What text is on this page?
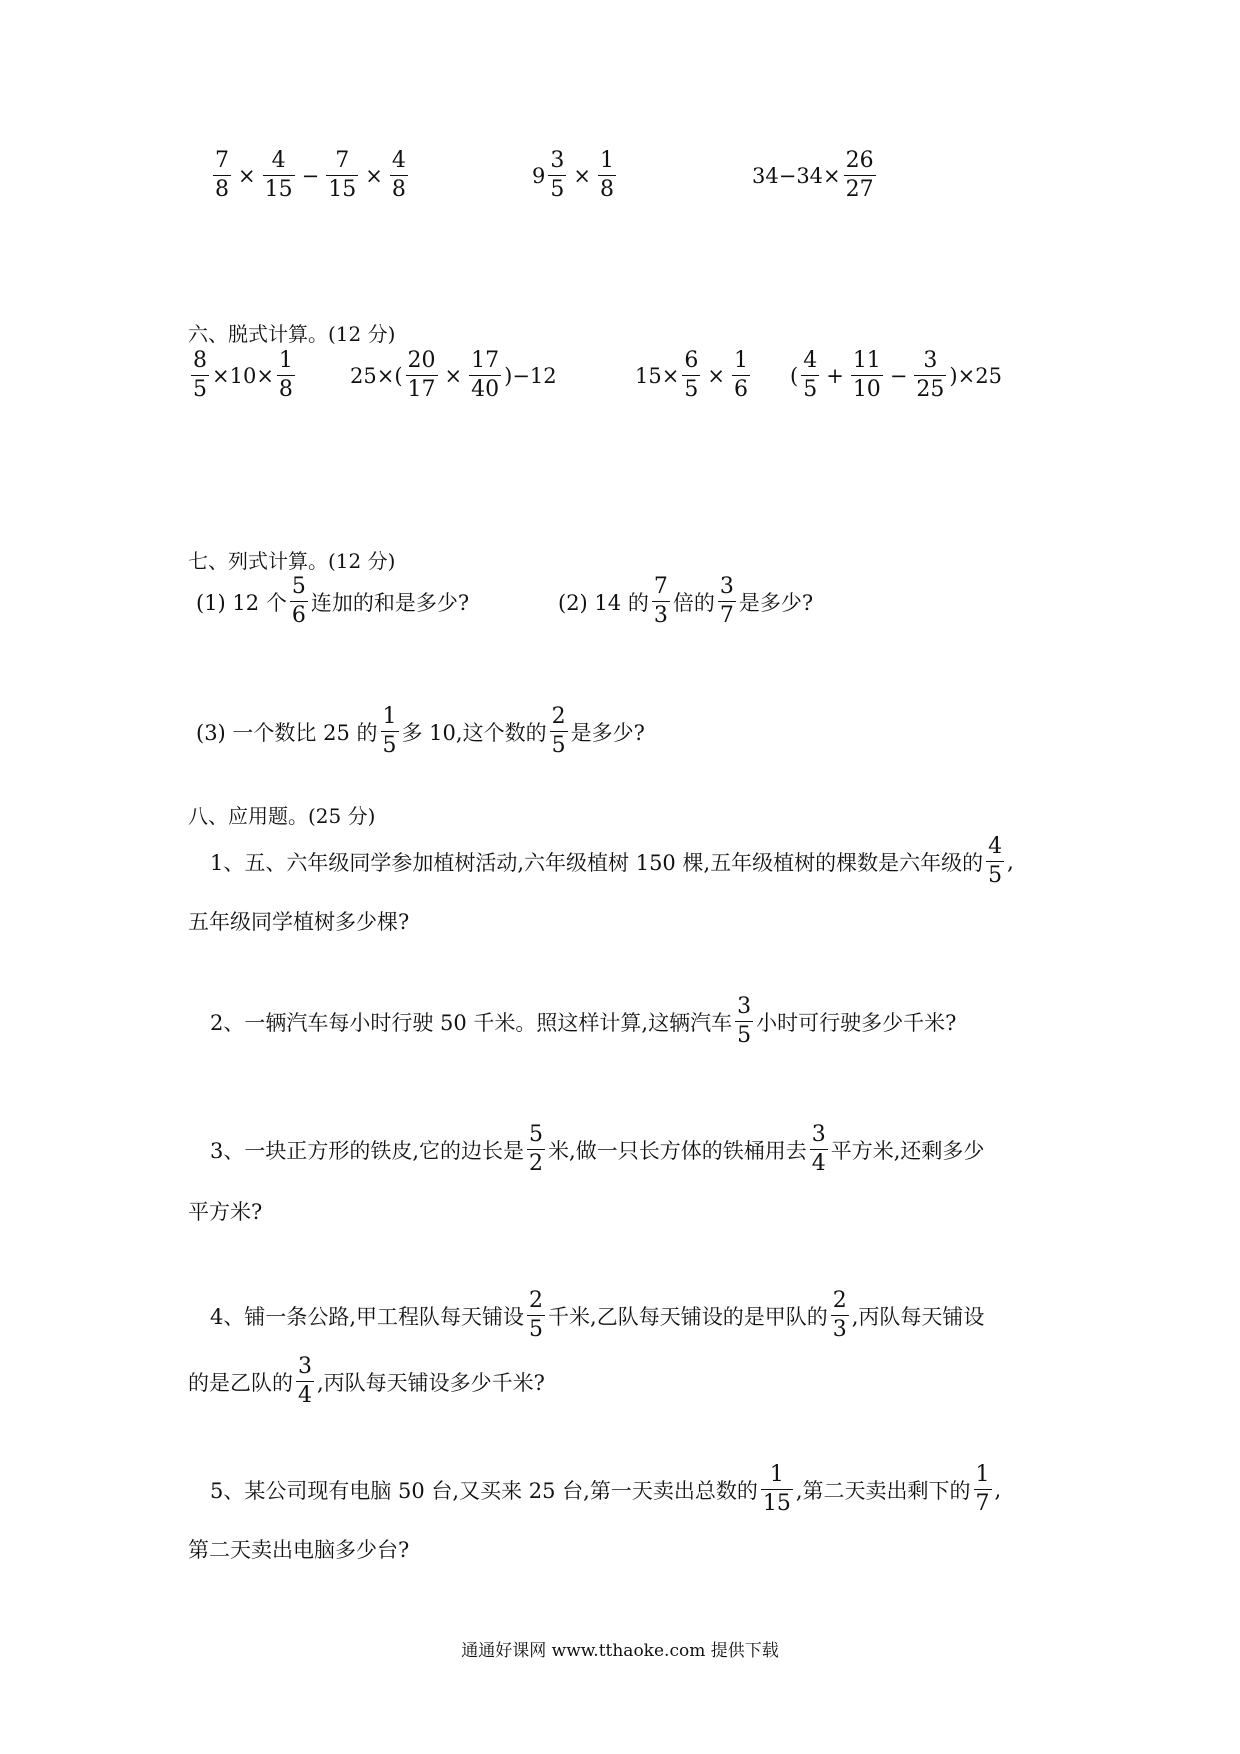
$\frac{7}{8} \times \frac{4}{15} - \frac{7}{15} \times \frac{4}{8}$	$9 \frac{3}{5} \times \frac{1}{8}$	$34-34\times \frac{26}{27}$
六、脱式计算。(12 分)
$\frac{8}{5} \times 10\times \frac{1}{8}$	$25\times( \frac{20}{17} \times \frac{17}{40} )-12$	$15\times \frac{6}{5} \times \frac{1}{6}$ ( $\frac{4}{5} + \frac{11}{10} - \frac{3}{25} )\times 25$
七、列式计算。(12 分)
(1) 12 个 $\frac{5}{6}$ 连加的和是多少?	(2) 14 的 $\frac{7}{3}$ 倍的 $\frac{3}{7}$ 是多少?
(3) 一个数比 25 的 $\frac{1}{5}$ 多 10,这个数的 $\frac{2}{5}$ 是多少?
八、应用题。(25 分)
1、五、六年级同学参加植树活动,六年级植树 150 棵,五年级植树的棵数是六年级的 $\frac{4}{5}$ ,
五年级同学植树多少棵?
2、一辆汽车每小时行驶 50 千米。照这样计算,这辆汽车 $\frac{3}{5}$ 小时可行驶多少千米?
3、一块正方形的铁皮,它的边长是 $\frac{5}{2}$ 米,做一只长方体的铁桶用去 $\frac{3}{4}$ 平方米,还剩多少
平方米?
4、铺一条公路,甲工程队每天铺设 $\frac{2}{5}$ 千米,乙队每天铺设的是甲队的 $\frac{2}{3}$ ,丙队每天铺设
的是乙队的 $\frac{3}{4}$ ,丙队每天铺设多少千米?
5、某公司现有电脑 50 台,又买来 25 台,第一天卖出总数的 $\frac{1}{15}$ ,第二天卖出剩下的 $\frac{1}{7}$ ,
第二天卖出电脑多少台?
通通好课网 www.tthaoke.com 提供下载
